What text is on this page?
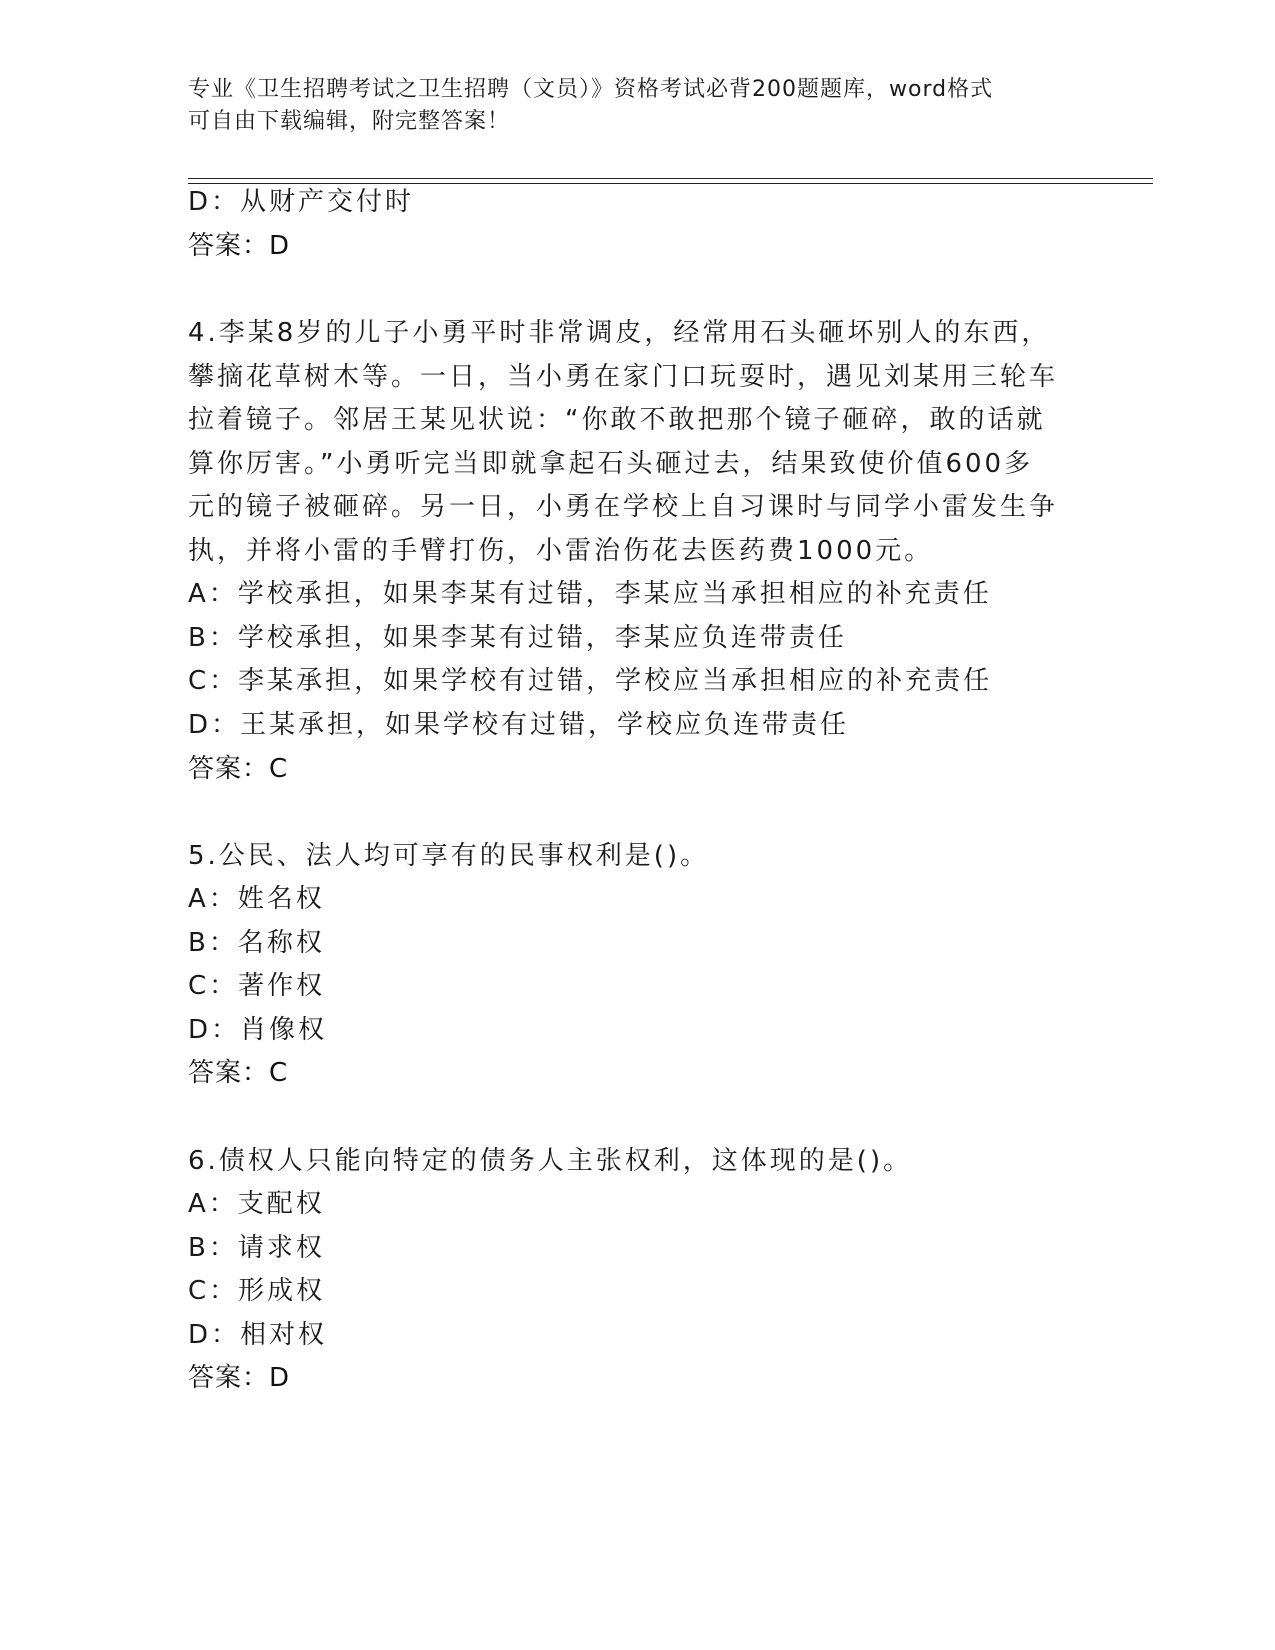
专业《卫生招聘考试之卫生招聘（文员）》资格考试必背200题题库，word格式
可自由下载编辑，附完整答案！
D：从财产交付时
答案：D
4.李某8岁的儿子小勇平时非常调皮，经常用石头砸坏别人的东西，
攀摘花草树木等。一日，当小勇在家门口玩耍时，遇见刘某用三轮车
拉着镜子。邻居王某见状说：“你敢不敢把那个镜子砸碎，敢的话就
算你厉害。”小勇听完当即就拿起石头砸过去，结果致使价值600多
元的镜子被砸碎。另一日，小勇在学校上自习课时与同学小雷发生争
执，并将小雷的手臂打伤，小雷治伤花去医药费1000元。
A：学校承担，如果李某有过错，李某应当承担相应的补充责任
B：学校承担，如果李某有过错，李某应负连带责任
C：李某承担，如果学校有过错，学校应当承担相应的补充责任
D：王某承担，如果学校有过错，学校应负连带责任
答案：C
5.公民、法人均可享有的民事权利是()。
A：姓名权
B：名称权
C：著作权
D：肖像权
答案：C
6.债权人只能向特定的债务人主张权利，这体现的是()。
A：支配权
B：请求权
C：形成权
D：相对权
答案：D
